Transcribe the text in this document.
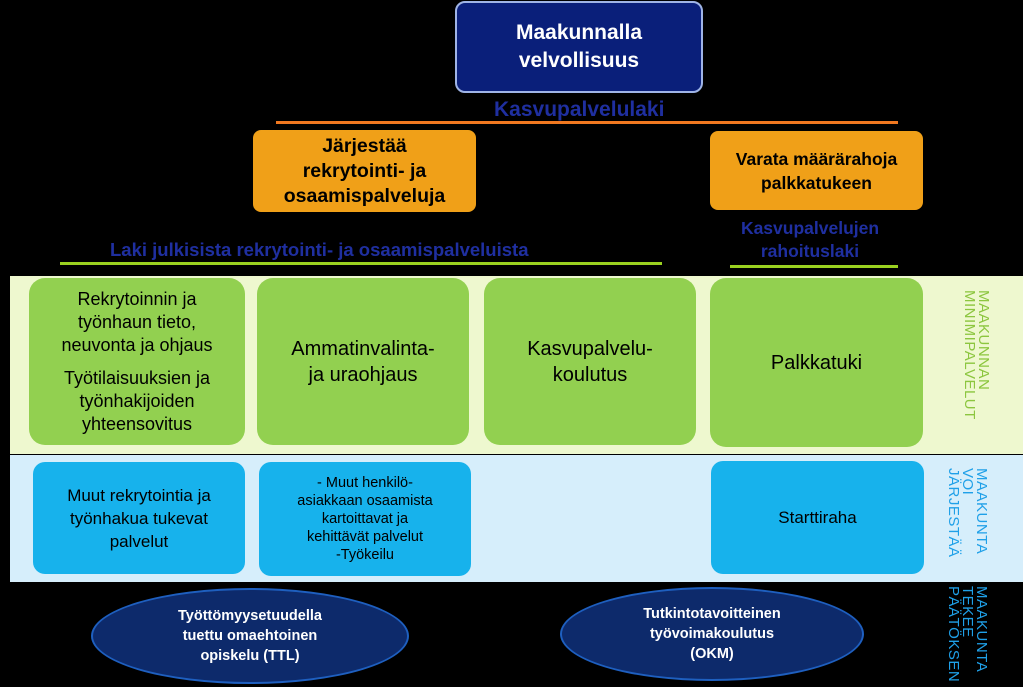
Maakunnalla
velvollisuus
Kasvupalvelulaki
Järjestää
rekrytointi- ja
osaamispalveluja
Varata määrärahoja
palkkatukeen
Laki julkisista rekrytointi- ja osaamispalveluista
Kasvupalvelujen
rahoituslaki
Rekrytoinnin ja
työnhaun tieto,
neuvonta ja ohjaus
Työtilaisuuksien ja
työnhakijoiden
yhteensovitus
Ammatinvalinta-
ja uraohjaus
Kasvupalvelu-
koulutus
Palkkatuki
Muut rekrytointia ja
työnhakua tukevat
palvelut
- Muut henkilö-
asiakkaan osaamista
kartoittavat ja
kehittävät palvelut
-Työkeilu
Starttiraha
Työttömyysetuudella
tuettu omaehtoinen
opiskelu (TTL)
Tutkintotavoitteinen
työvoimakoulutus
(OKM)
MAAKUNNAN MINIMIPALVELUT
MAAKUNTA VOI JÄRJESTÄÄ
MAAKUNTA TEKEE PÄÄTÖKSEN
